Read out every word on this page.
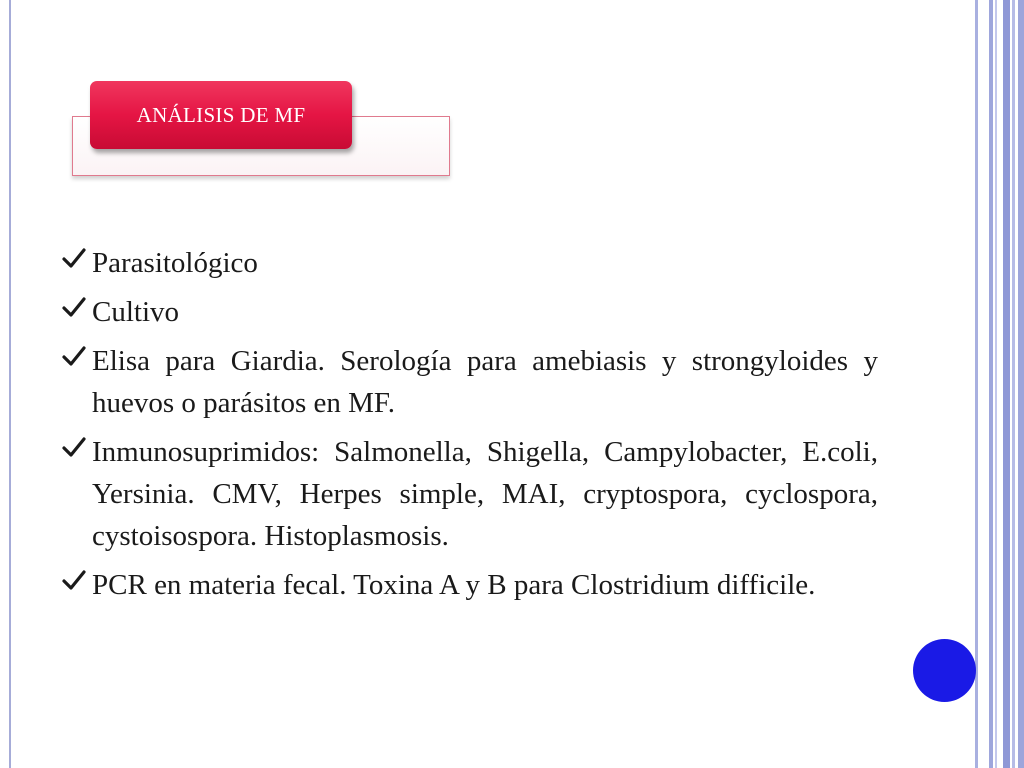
ANÁLISIS DE MF
Parasitológico
Cultivo
Elisa para Giardia. Serología para amebiasis y strongyloides y huevos o parásitos en MF.
Inmunosuprimidos: Salmonella, Shigella, Campylobacter, E.coli, Yersinia. CMV, Herpes simple, MAI, cryptospora, cyclospora, cystoisospora. Histoplasmosis.
PCR en materia fecal. Toxina A y B para Clostridium difficile.
